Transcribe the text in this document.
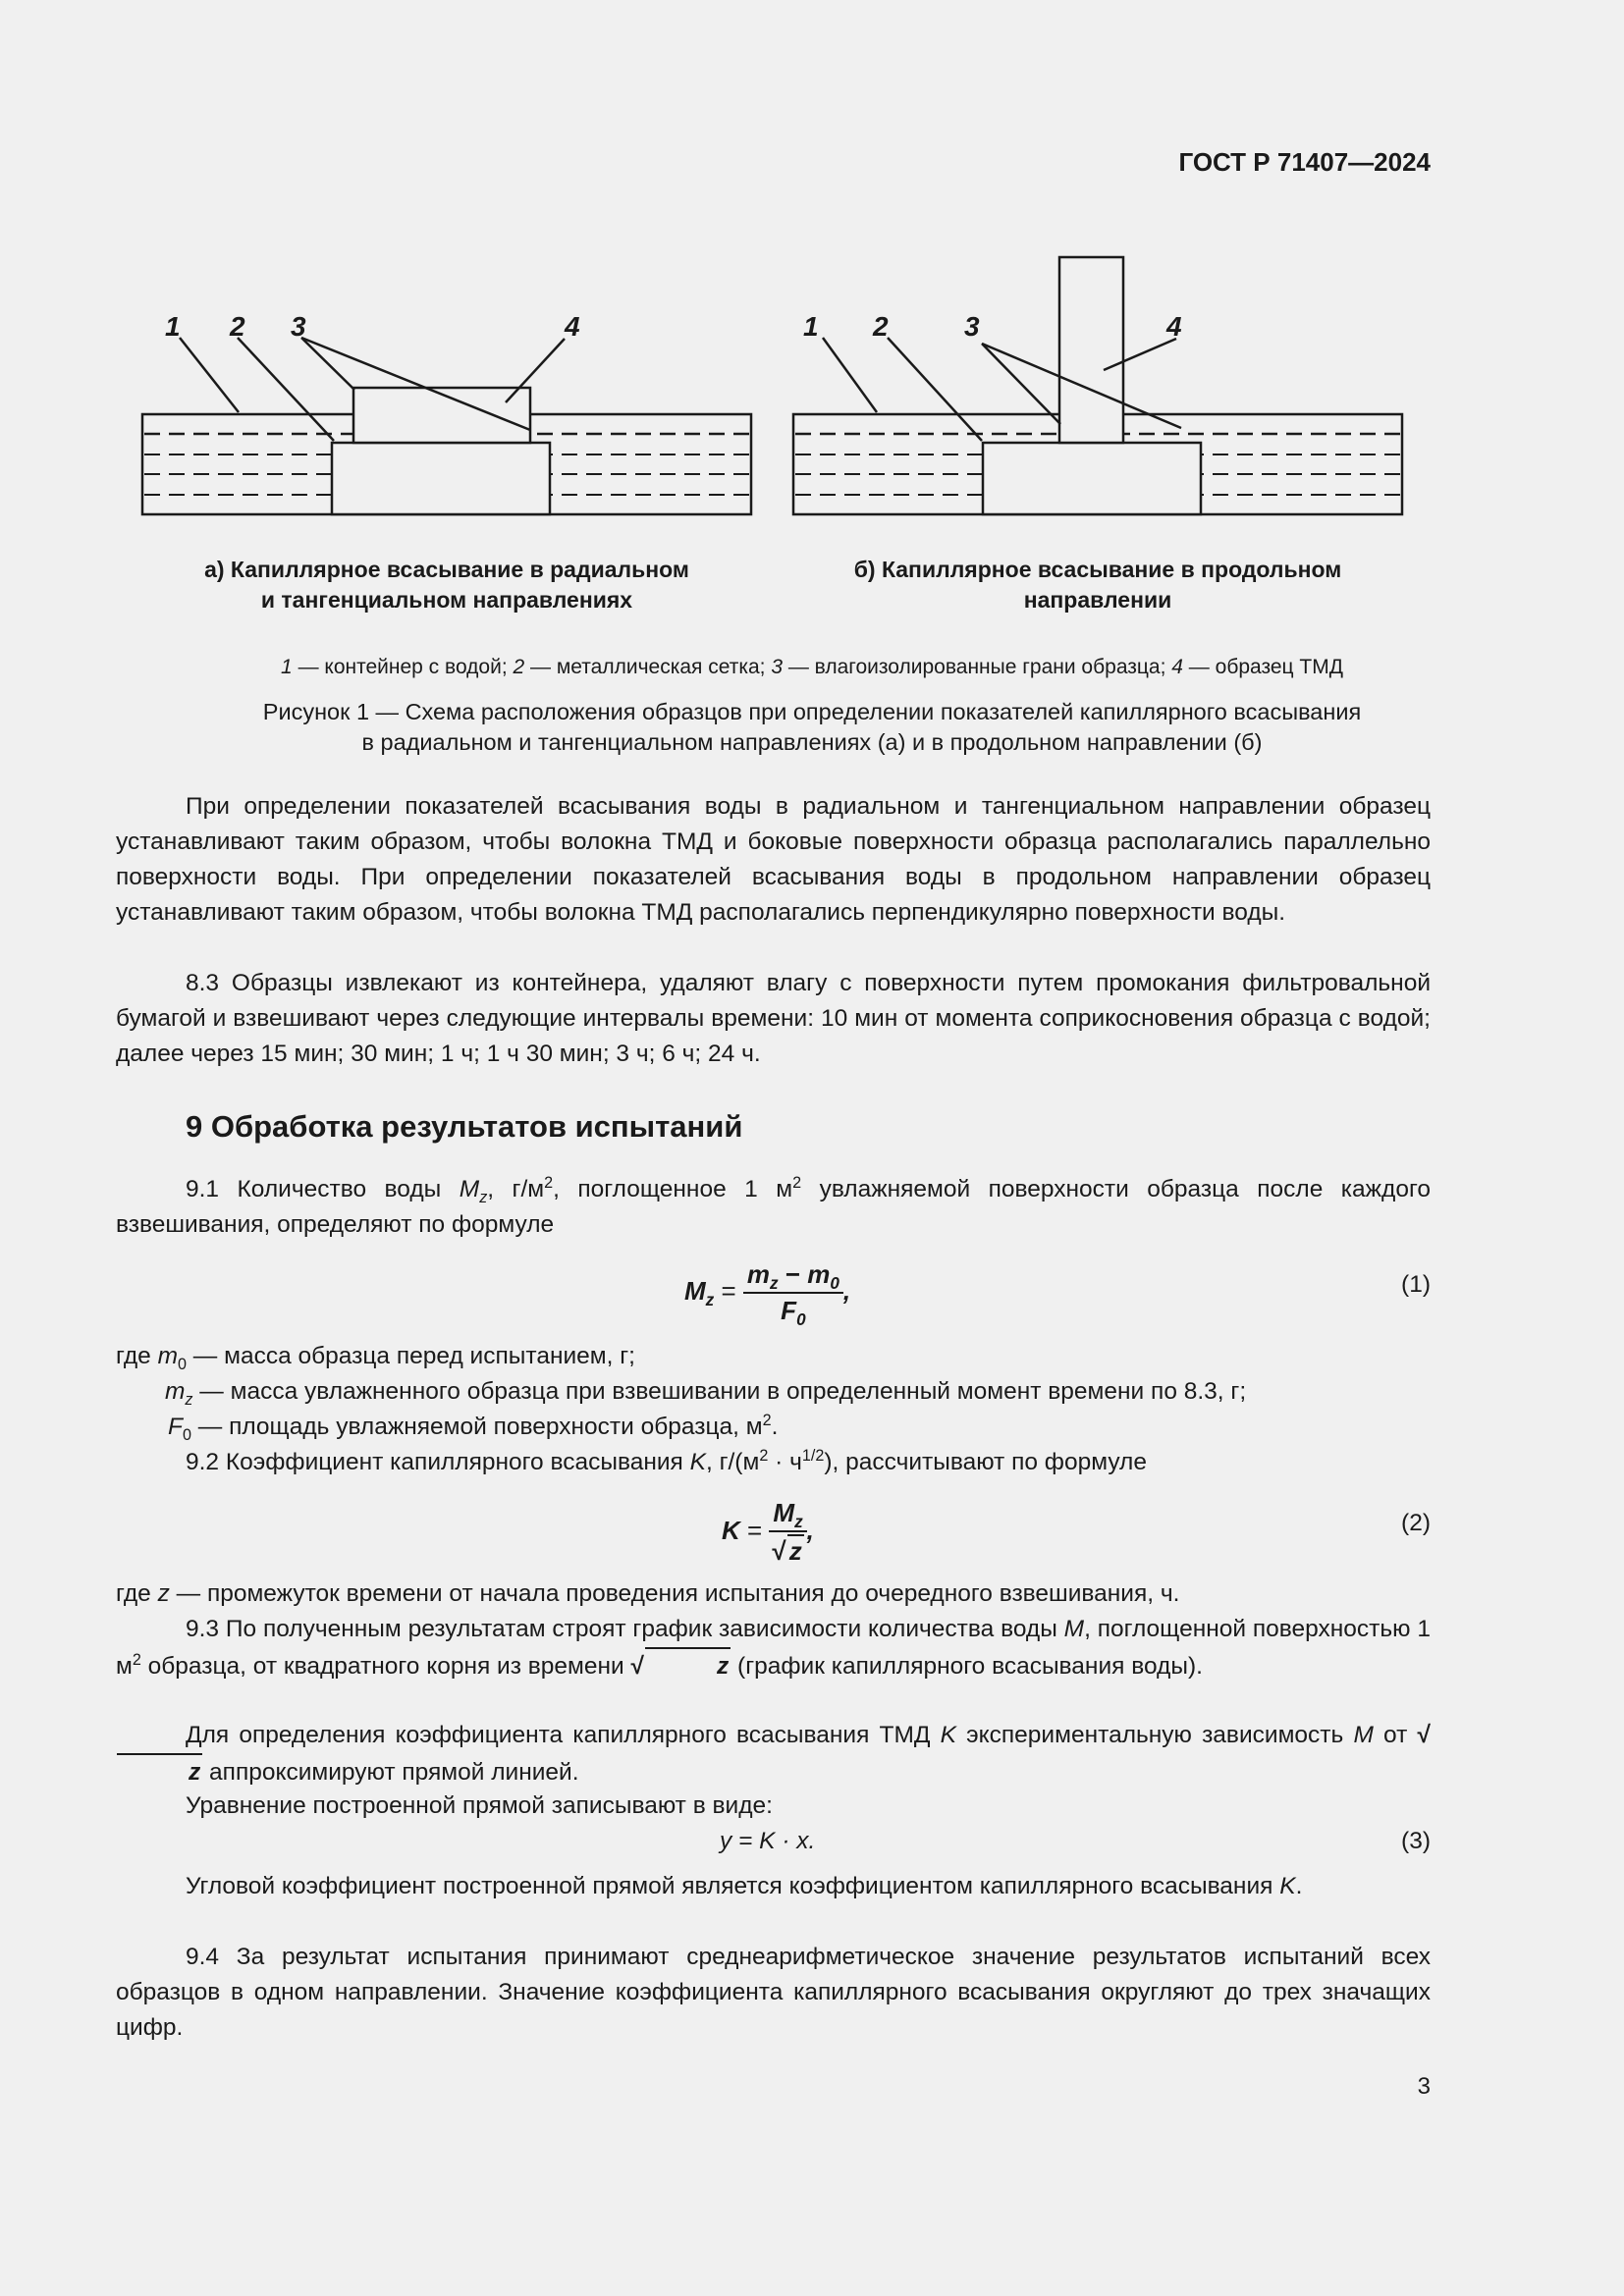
ГОСТ Р 71407—2024
1 2 3	4	1 2	3	4
а) Капиллярное всасывание в радиальном
и тангенциальном направлениях
б) Капиллярное всасывание в продольном
направлении
1 — контейнер с водой; 2 — металлическая сетка; 3 — влагоизолированные грани образца; 4 — образец ТМД
Рисунок 1 — Схема расположения образцов при определении показателей капиллярного всасывания
в радиальном и тангенциальном направлениях (а) и в продольном направлении (б)
При определении показателей всасывания воды в радиальном и тангенциальном направлении образец устанавливают таким образом, чтобы волокна ТМД и боковые поверхности образца располагались параллельно поверхности воды. При определении показателей всасывания воды в продольном направлении образец устанавливают таким образом, чтобы волокна ТМД располагались перпендикулярно поверхности воды.
8.3 Образцы извлекают из контейнера, удаляют влагу с поверхности путем промокания фильтровальной бумагой и взвешивают через следующие интервалы времени: 10 мин от момента соприкосновения образца с водой; далее через 15 мин; 30 мин; 1 ч; 1 ч 30 мин; 3 ч; 6 ч; 24 ч.
9 Обработка результатов испытаний
9.1 Количество воды $M_z$, $г/м^2$, поглощенное 1 $м^2$ увлажняемой поверхности образца после каждого взвешивания, определяют по формуле
$M_z = \frac{m_z - m_0}{F_0}$ ,	(1)
где $m_0$ — масса образца перед испытанием, г;
$m_z$ — масса увлажненного образца при взвешивании в определенный момент времени по 8.3, г;
$F_0$ — площадь увлажняемой поверхности образца, $м^2$.
9.2 Коэффициент капиллярного всасывания K, $г/(м^2 \cdot ч^{1/2})$, рассчитывают по формуле
$K = \frac{M_z}{√ z}$ ,	(2)
где z — промежуток времени от начала проведения испытания до очередного взвешивания, ч.
9.3 По полученным результатам строят график зависимости количества воды M, поглощенной поверхностью 1 $м^2$ образца, от квадратного корня из времени √	z (график капиллярного всасывания воды).
Для определения коэффициента капиллярного всасывания ТМД K экспериментальную зависимость M от √z аппроксимируют прямой линией.
Уравнение построенной прямой записывают в виде:
y = K · x.	(3)
Угловой коэффициент построенной прямой является коэффициентом капиллярного всасывания K.
9.4 За результат испытания принимают среднеарифметическое значение результатов испытаний всех образцов в одном направлении. Значение коэффициента капиллярного всасывания округляют до трех значащих цифр.
3
